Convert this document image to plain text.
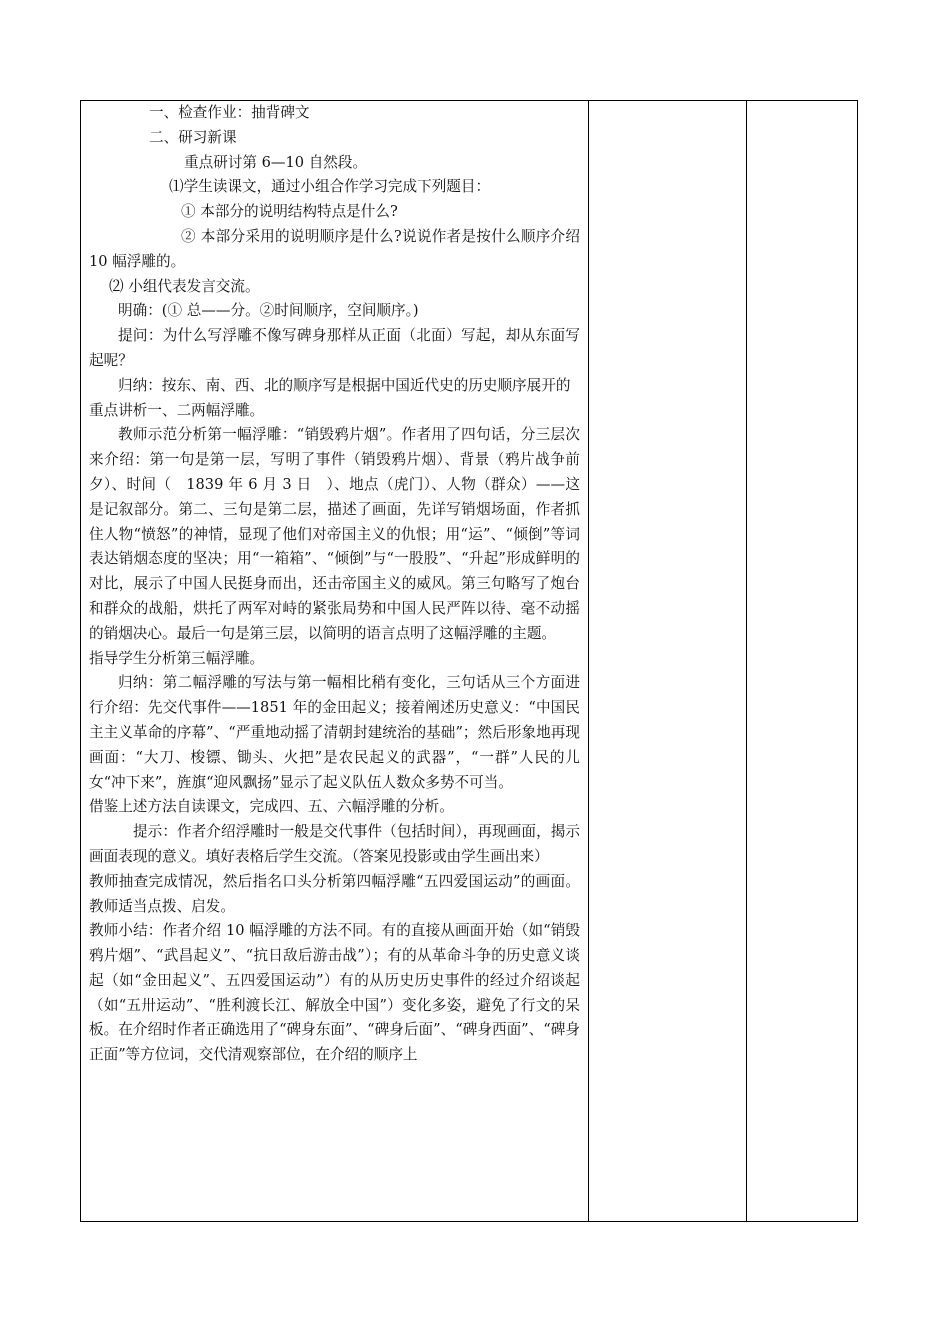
一、检查作业：抽背碑文

二、研习新课

重点研讨第 6—10 自然段。

⑴学生读课文，通过小组合作学习完成下列题目：

① 本部分的说明结构特点是什么?

② 本部分采用的说明顺序是什么?说说作者是按什么顺序介绍 10 幅浮雕的。

⑵ 小组代表发言交流。

明确：(① 总——分。②时间顺序，空间顺序。)

提问：为什么写浮雕不像写碑身那样从正面（北面）写起，却从东面写起呢？

归纳：按东、南、西、北的顺序写是根据中国近代史的历史顺序展开的

重点讲析一、二两幅浮雕。

教师示范分析第一幅浮雕：“销毁鸦片烟”。作者用了四句话，分三层次来介绍：第一句是第一层，写明了事件（销毁鸦片烟）、背景（鸦片战争前夕）、时间（　1839 年 6 月 3 日　）、地点（虎门）、人物（群众）——这是记叙部分。第二、三句是第二层，描述了画面，先详写销烟场面，作者抓住人物“愤怒”的神情，显现了他们对帝国主义的仇恨；用“运”、“倾倒”等词表达销烟态度的坚决；用“一箱箱”、“倾倒”与“一股股”、“升起”形成鲜明的对比，展示了中国人民挺身而出，还击帝国主义的威风。第三句略写了炮台和群众的战船，烘托了两军对峙的紧张局势和中国人民严阵以待、毫不动摇的销烟决心。最后一句是第三层，以简明的语言点明了这幅浮雕的主题。

指导学生分析第三幅浮雕。

归纳：第二幅浮雕的写法与第一幅相比稍有变化，三句话从三个方面进行介绍：先交代事件——1851 年的金田起义；接着阐述历史意义：“中国民主主义革命的序幕”、“严重地动摇了清朝封建统治的基础”；然后形象地再现画面：“大刀、梭镖、锄头、火把”是农民起义的武器”，“一群”人民的儿女“冲下来”，旌旗“迎风飘扬”显示了起义队伍人数众多势不可当。

借鉴上述方法自读课文，完成四、五、六幅浮雕的分析。

提示：作者介绍浮雕时一般是交代事件（包括时间），再现画面，揭示画面表现的意义。填好表格后学生交流。（答案见投影或由学生画出来）

教师抽查完成情况，然后指名口头分析第四幅浮雕“五四爱国运动”的画面。教师适当点拨、启发。

教师小结：作者介绍 10 幅浮雕的方法不同。有的直接从画面开始（如“销毁鸦片烟”、“武昌起义”、“抗日敌后游击战”）；有的从革命斗争的历史意义谈起（如“金田起义”、五四爱国运动”）有的从历史历史事件的经过介绍谈起（如“五卅运动”、“胜利渡长江、解放全中国”）变化多姿，避免了行文的呆板。在介绍时作者正确选用了“碑身东面”、“碑身后面”、“碑身西面”、“碑身正面”等方位词，交代清观察部位，在介绍的顺序上
